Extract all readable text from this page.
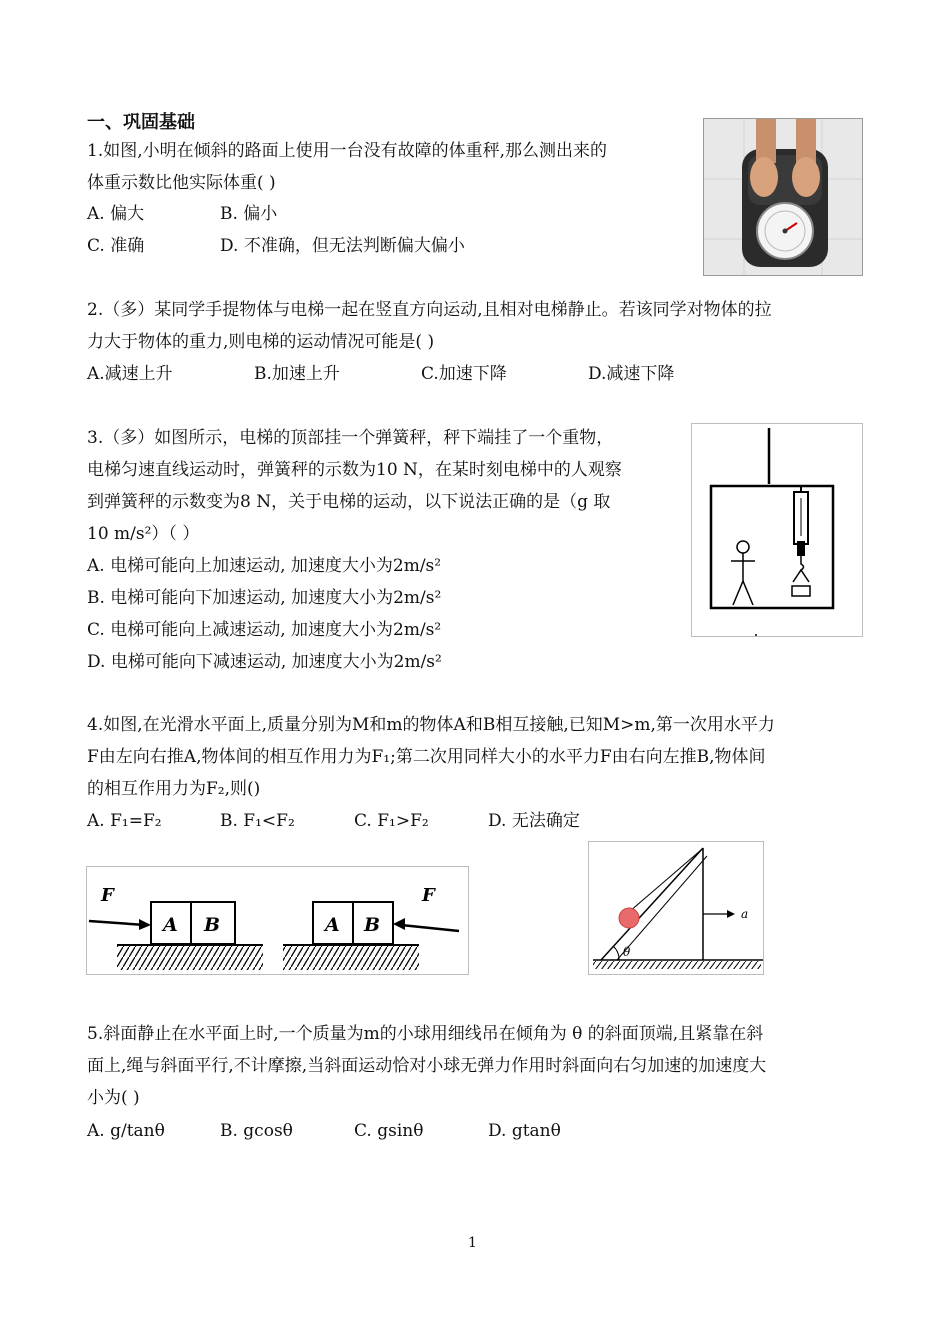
一、巩固基础
1.如图,小明在倾斜的路面上使用一台没有故障的体重秤,那么测出来的
体重示数比他实际体重( )
A. 偏大	B. 偏小
C. 准确	D. 不准确，但无法判断偏大偏小
2.（多）某同学手提物体与电梯一起在竖直方向运动,且相对电梯静止。若该同学对物体的拉
力大于物体的重力,则电梯的运动情况可能是( )
A.减速上升	B.加速上升	C.加速下降	D.减速下降
3.（多）如图所示，电梯的顶部挂一个弹簧秤，秤下端挂了一个重物，
电梯匀速直线运动时，弹簧秤的示数为10 N，在某时刻电梯中的人观察
到弹簧秤的示数变为8 N，关于电梯的运动，以下说法正确的是（g 取
10 m/s²）（ ）
A. 电梯可能向上加速运动, 加速度大小为2m/s²
B. 电梯可能向下加速运动, 加速度大小为2m/s²
C. 电梯可能向上减速运动, 加速度大小为2m/s²
D. 电梯可能向下减速运动, 加速度大小为2m/s²
4.如图,在光滑水平面上,质量分别为M和m的物体A和B相互接触,已知M>m,第一次用水平力
F由左向右推A,物体间的相互作用力为F₁;第二次用同样大小的水平力F由右向左推B,物体间
的相互作用力为F₂,则()
A. F₁=F₂	B. F₁<F₂	C. F₁>F₂	D. 无法确定
F
A B	A B
F
θ
a
5.斜面静止在水平面上时,一个质量为m的小球用细线吊在倾角为 θ 的斜面顶端,且紧靠在斜
面上,绳与斜面平行,不计摩擦,当斜面运动恰对小球无弹力作用时斜面向右匀加速的加速度大
小为( )
A. g/tanθ	B. gcosθ	C. gsinθ	D. gtanθ
1
